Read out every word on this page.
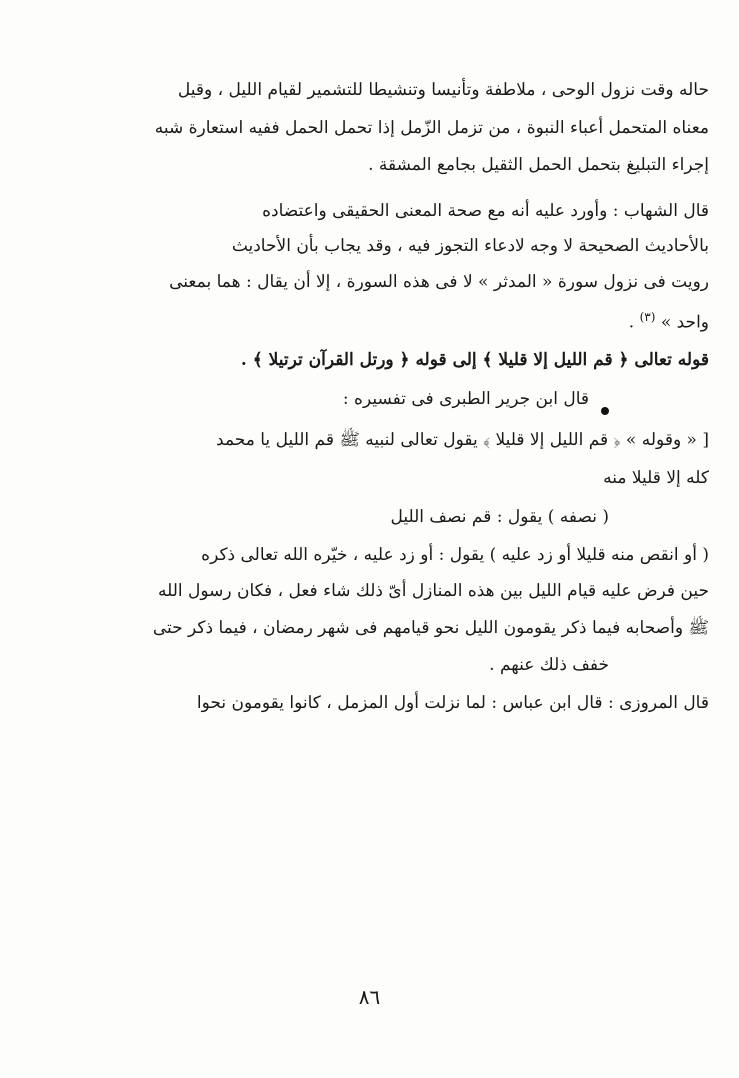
حاله وقت نزول الوحى ، ملاطفة وتأنيسا وتنشيطا للتشمير لقيام الليل ، وقيل
معناه المتحمل أعباء النبوة ، من تزمل الزّمل إذا تحمل الحمل ففيه استعارة شبه
إجراء التبليغ بتحمل الحمل الثقيل بجامع المشقة .
قال الشهاب : وأورد عليه أنه مع صحة المعنى الحقيقى واعتضاده
بالأحاديث الصحيحة لا وجه لادعاء التجوز فيه ، وقد يجاب بأن الأحاديث
رويت فى نزول سورة « المدثر » لا فى هذه السورة ، إلا أن يقال : هما بمعنى
واحد » $^{(٣)}$ .
قوله تعالى ﴿ قم الليل إلا قليلا ﴾ إلى قوله ﴿ ورتل القرآن ترتيلا ﴾ .
قال ابن جرير الطبرى فى تفسيره :
[ « وقوله » ﴿ قم الليل إلا قليلا ﴾ يقول تعالى لنبيه ﷺ قم الليل يا محمد
كله إلا قليلا منه
( نصفه ) يقول : قم نصف الليل
( أو انقص منه قليلا أو زد عليه ) يقول : أو زد عليه ، خيّره الله تعالى ذكره
حين فرض عليه قيام الليل بين هذه المنازل أىّ ذلك شاء فعل ، فكان رسول الله
ﷺ وأصحابه فيما ذكر يقومون الليل نحو قيامهم فى شهر رمضان ، فيما ذكر حتى
خفف ذلك عنهم .
قال المروزى : قال ابن عباس : لما نزلت أول المزمل ، كانوا يقومون نحوا
٨٦
